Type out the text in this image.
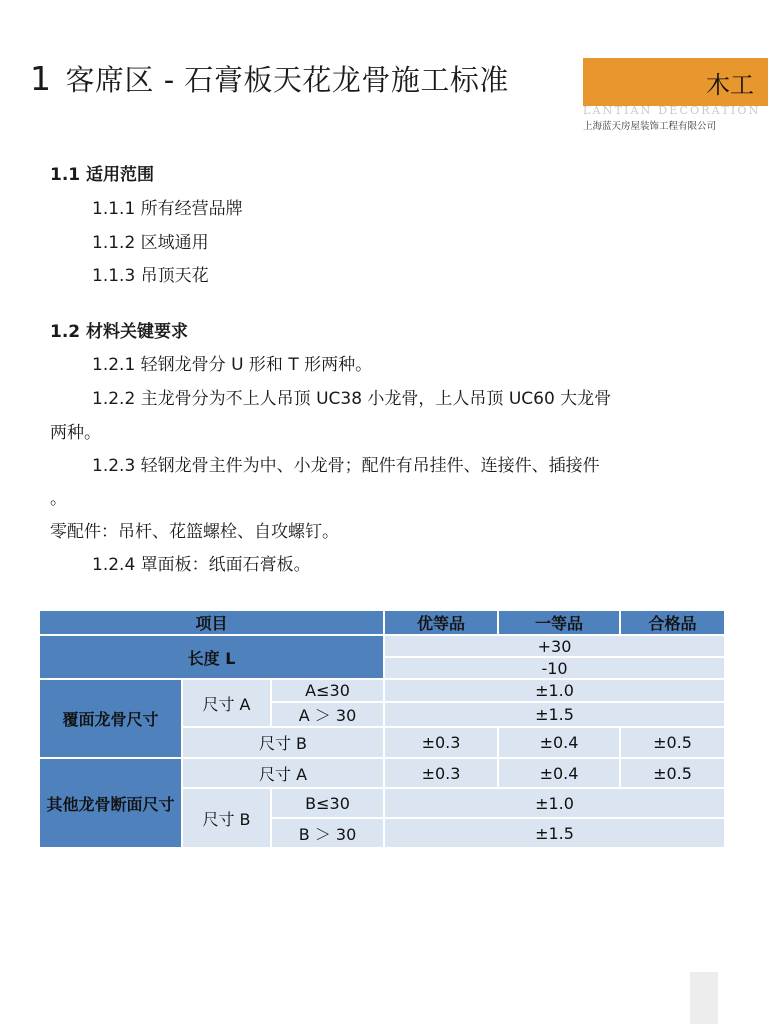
1 客席区 - 石膏板天花龙骨施工标准	木工
LANTIAN DECORATION
上海蓝天房屋装饰工程有限公司
1.1 适用范围
1.1.1 所有经营品牌
1.1.2 区域通用
1.1.3 吊顶天花
1.2 材料关键要求
1.2.1 轻钢龙骨分 U 形和 T 形两种。
1.2.2 主龙骨分为不上人吊顶 UC38 小龙骨，上人吊顶 UC60 大龙骨
两种。
1.2.3 轻钢龙骨主件为中、小龙骨；配件有吊挂件、连接件、插接件
。
零配件：吊杆、花篮螺栓、自攻螺钉。
1.2.4 罩面板：纸面石膏板。
项目			优等品	一等品	合格品
长度 L			+30		
			-10		
覆面龙骨尺寸	尺寸 A	A≤30	±1.0		
		A ＞ 30	±1.5		
	尺寸 B		±0.3	±0.4	±0.5
其他龙骨断面尺寸	尺寸 A		±0.3	±0.4	±0.5
	尺寸 B	B≤30	±1.0		
		B ＞ 30	±1.5		
